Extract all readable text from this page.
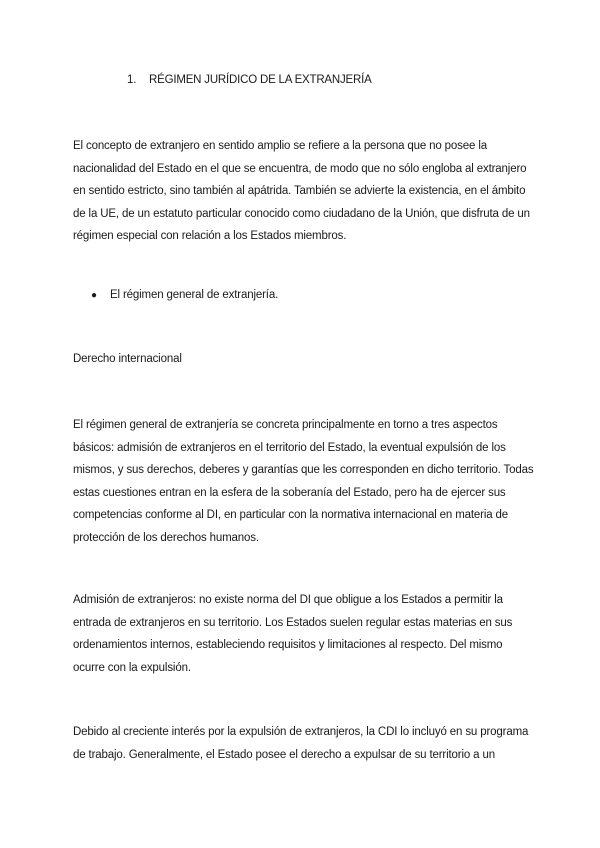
1. RÉGIMEN JURÍDICO DE LA EXTRANJERÍA

El concepto de extranjero en sentido amplio se refiere a la persona que no posee la

nacionalidad del Estado en el que se encuentra, de modo que no sólo engloba al extranjero

en sentido estricto, sino también al apátrida. También se advierte la existencia, en el ámbito

de la UE, de un estatuto particular conocido como ciudadano de la Unión, que disfruta de un

régimen especial con relación a los Estados miembros.

● El régimen general de extranjería.
Derecho internacional

El régimen general de extranjería se concreta principalmente en torno a tres aspectos

básicos: admisión de extranjeros en el territorio del Estado, la eventual expulsión de los

mismos, y sus derechos, deberes y garantías que les corresponden en dicho territorio. Todas

estas cuestiones entran en la esfera de la soberanía del Estado, pero ha de ejercer sus

competencias conforme al DI, en particular con la normativa internacional en materia de

protección de los derechos humanos.

Admisión de extranjeros: no existe norma del DI que obligue a los Estados a permitir la

entrada de extranjeros en su territorio. Los Estados suelen regular estas materias en sus

ordenamientos internos, estableciendo requisitos y limitaciones al respecto. Del mismo

ocurre con la expulsión.

Debido al creciente interés por la expulsión de extranjeros, la CDI lo incluyó en su programa

de trabajo. Generalmente, el Estado posee el derecho a expulsar de su territorio a un
